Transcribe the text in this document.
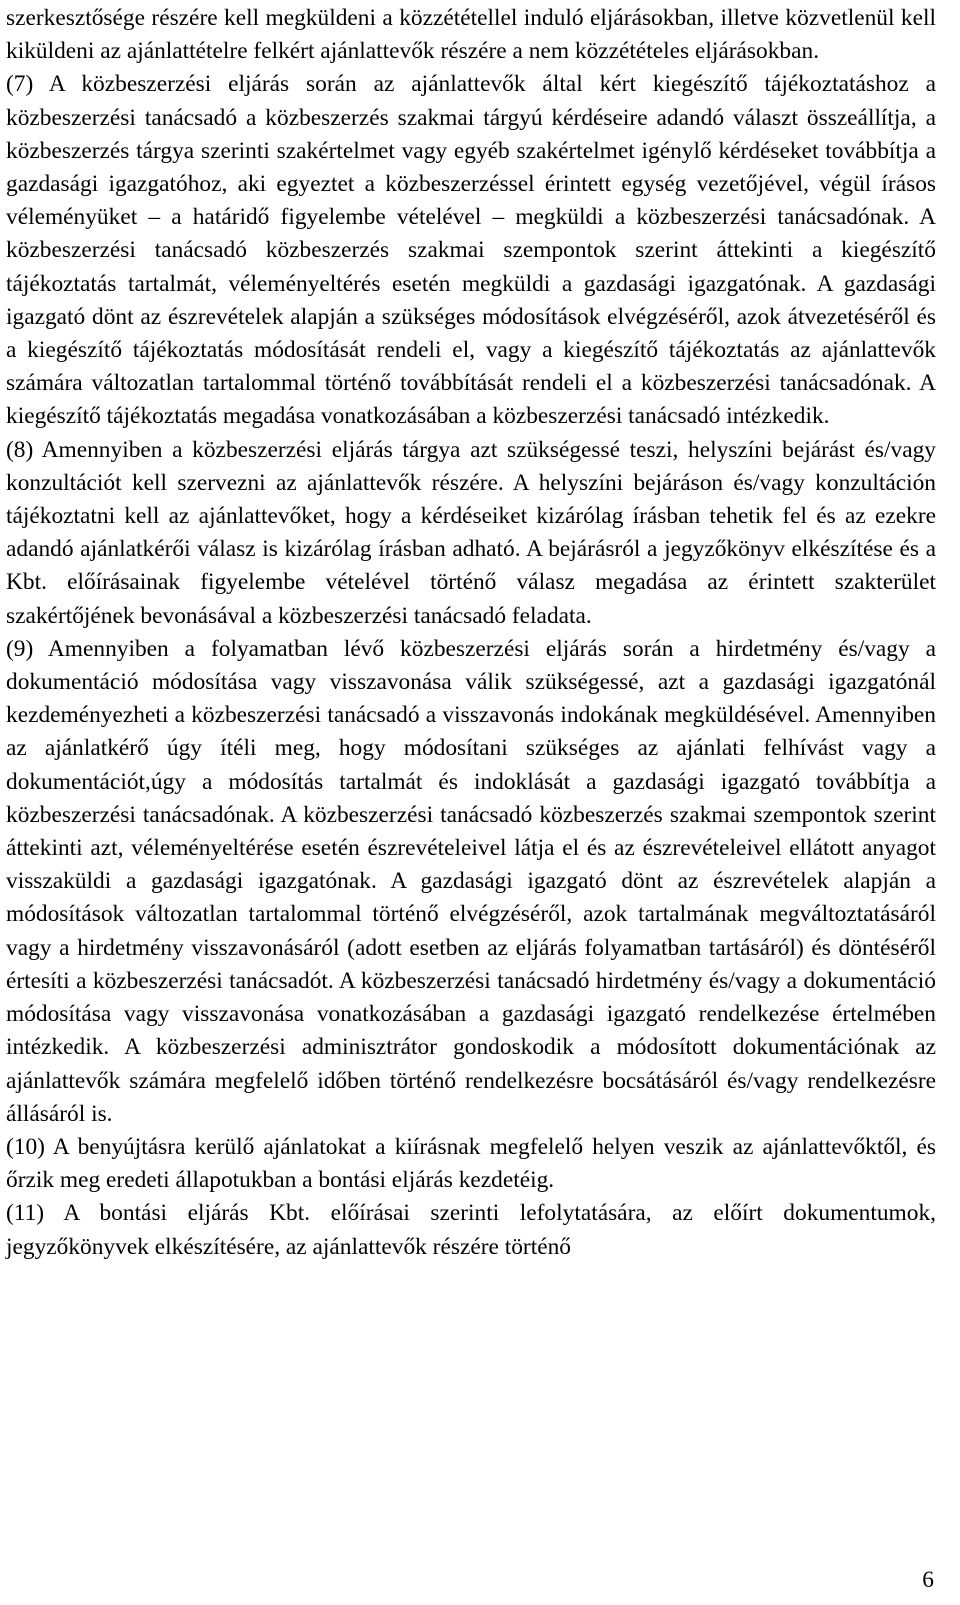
szerkesztősége részére kell megküldeni a közzététellel induló eljárásokban, illetve közvetlenül kell kiküldeni az ajánlattételre felkért ajánlattevők részére a nem közzétételes eljárásokban.

(7) A közbeszerzési eljárás során az ajánlattevők által kért kiegészítő tájékoztatáshoz a közbeszerzési tanácsadó a közbeszerzés szakmai tárgyú kérdéseire adandó választ összeállítja, a közbeszerzés tárgya szerinti szakértelmet vagy egyéb szakértelmet igénylő kérdéseket továbbítja a gazdasági igazgatóhoz, aki egyeztet a közbeszerzéssel érintett egység vezetőjével, végül írásos véleményüket – a határidő figyelembe vételével – megküldi a közbeszerzési tanácsadónak. A közbeszerzési tanácsadó közbeszerzés szakmai szempontok szerint áttekinti a kiegészítő tájékoztatás tartalmát, véleményeltérés esetén megküldi a gazdasági igazgatónak. A gazdasági igazgató dönt az észrevételek alapján a szükséges módosítások elvégzéséről, azok átvezetéséről és a kiegészítő tájékoztatás módosítását rendeli el, vagy a kiegészítő tájékoztatás az ajánlattevők számára változatlan tartalommal történő továbbítását rendeli el a közbeszerzési tanácsadónak. A kiegészítő tájékoztatás megadása vonatkozásában a közbeszerzési tanácsadó intézkedik.

(8) Amennyiben a közbeszerzési eljárás tárgya azt szükségessé teszi, helyszíni bejárást és/vagy konzultációt kell szervezni az ajánlattevők részére. A helyszíni bejáráson és/vagy konzultáción tájékoztatni kell az ajánlattevőket, hogy a kérdéseiket kizárólag írásban tehetik fel és az ezekre adandó ajánlatkérői válasz is kizárólag írásban adható. A bejárásról a jegyzőkönyv elkészítése és a Kbt. előírásainak figyelembe vételével történő válasz megadása az érintett szakterület szakértőjének bevonásával a közbeszerzési tanácsadó feladata.

(9) Amennyiben a folyamatban lévő közbeszerzési eljárás során a hirdetmény és/vagy a dokumentáció módosítása vagy visszavonása válik szükségessé, azt a gazdasági igazgatónál kezdeményezheti a közbeszerzési tanácsadó a visszavonás indokának megküldésével. Amennyiben az ajánlatkérő úgy ítéli meg, hogy módosítani szükséges az ajánlati felhívást vagy a dokumentációt,úgy a módosítás tartalmát és indoklását a gazdasági igazgató továbbítja a közbeszerzési tanácsadónak. A közbeszerzési tanácsadó közbeszerzés szakmai szempontok szerint áttekinti azt, véleményeltérése esetén észrevételeivel látja el és az észrevételeivel ellátott anyagot visszaküldi a gazdasági igazgatónak. A gazdasági igazgató dönt az észrevételek alapján a módosítások változatlan tartalommal történő elvégzéséről, azok tartalmának megváltoztatásáról vagy a hirdetmény visszavonásáról (adott esetben az eljárás folyamatban tartásáról) és döntéséről értesíti a közbeszerzési tanácsadót. A közbeszerzési tanácsadó hirdetmény és/vagy a dokumentáció módosítása vagy visszavonása vonatkozásában a gazdasági igazgató rendelkezése értelmében intézkedik. A közbeszerzési adminisztrátor gondoskodik a módosított dokumentációnak az ajánlattevők számára megfelelő időben történő rendelkezésre bocsátásáról és/vagy rendelkezésre állásáról is.

(10) A benyújtásra kerülő ajánlatokat a kiírásnak megfelelő helyen veszik az ajánlattevőktől, és őrzik meg eredeti állapotukban a bontási eljárás kezdetéig.

(11) A bontási eljárás Kbt. előírásai szerinti lefolytatására, az előírt dokumentumok, jegyzőkönyvek elkészítésére, az ajánlattevők részére történő

6
